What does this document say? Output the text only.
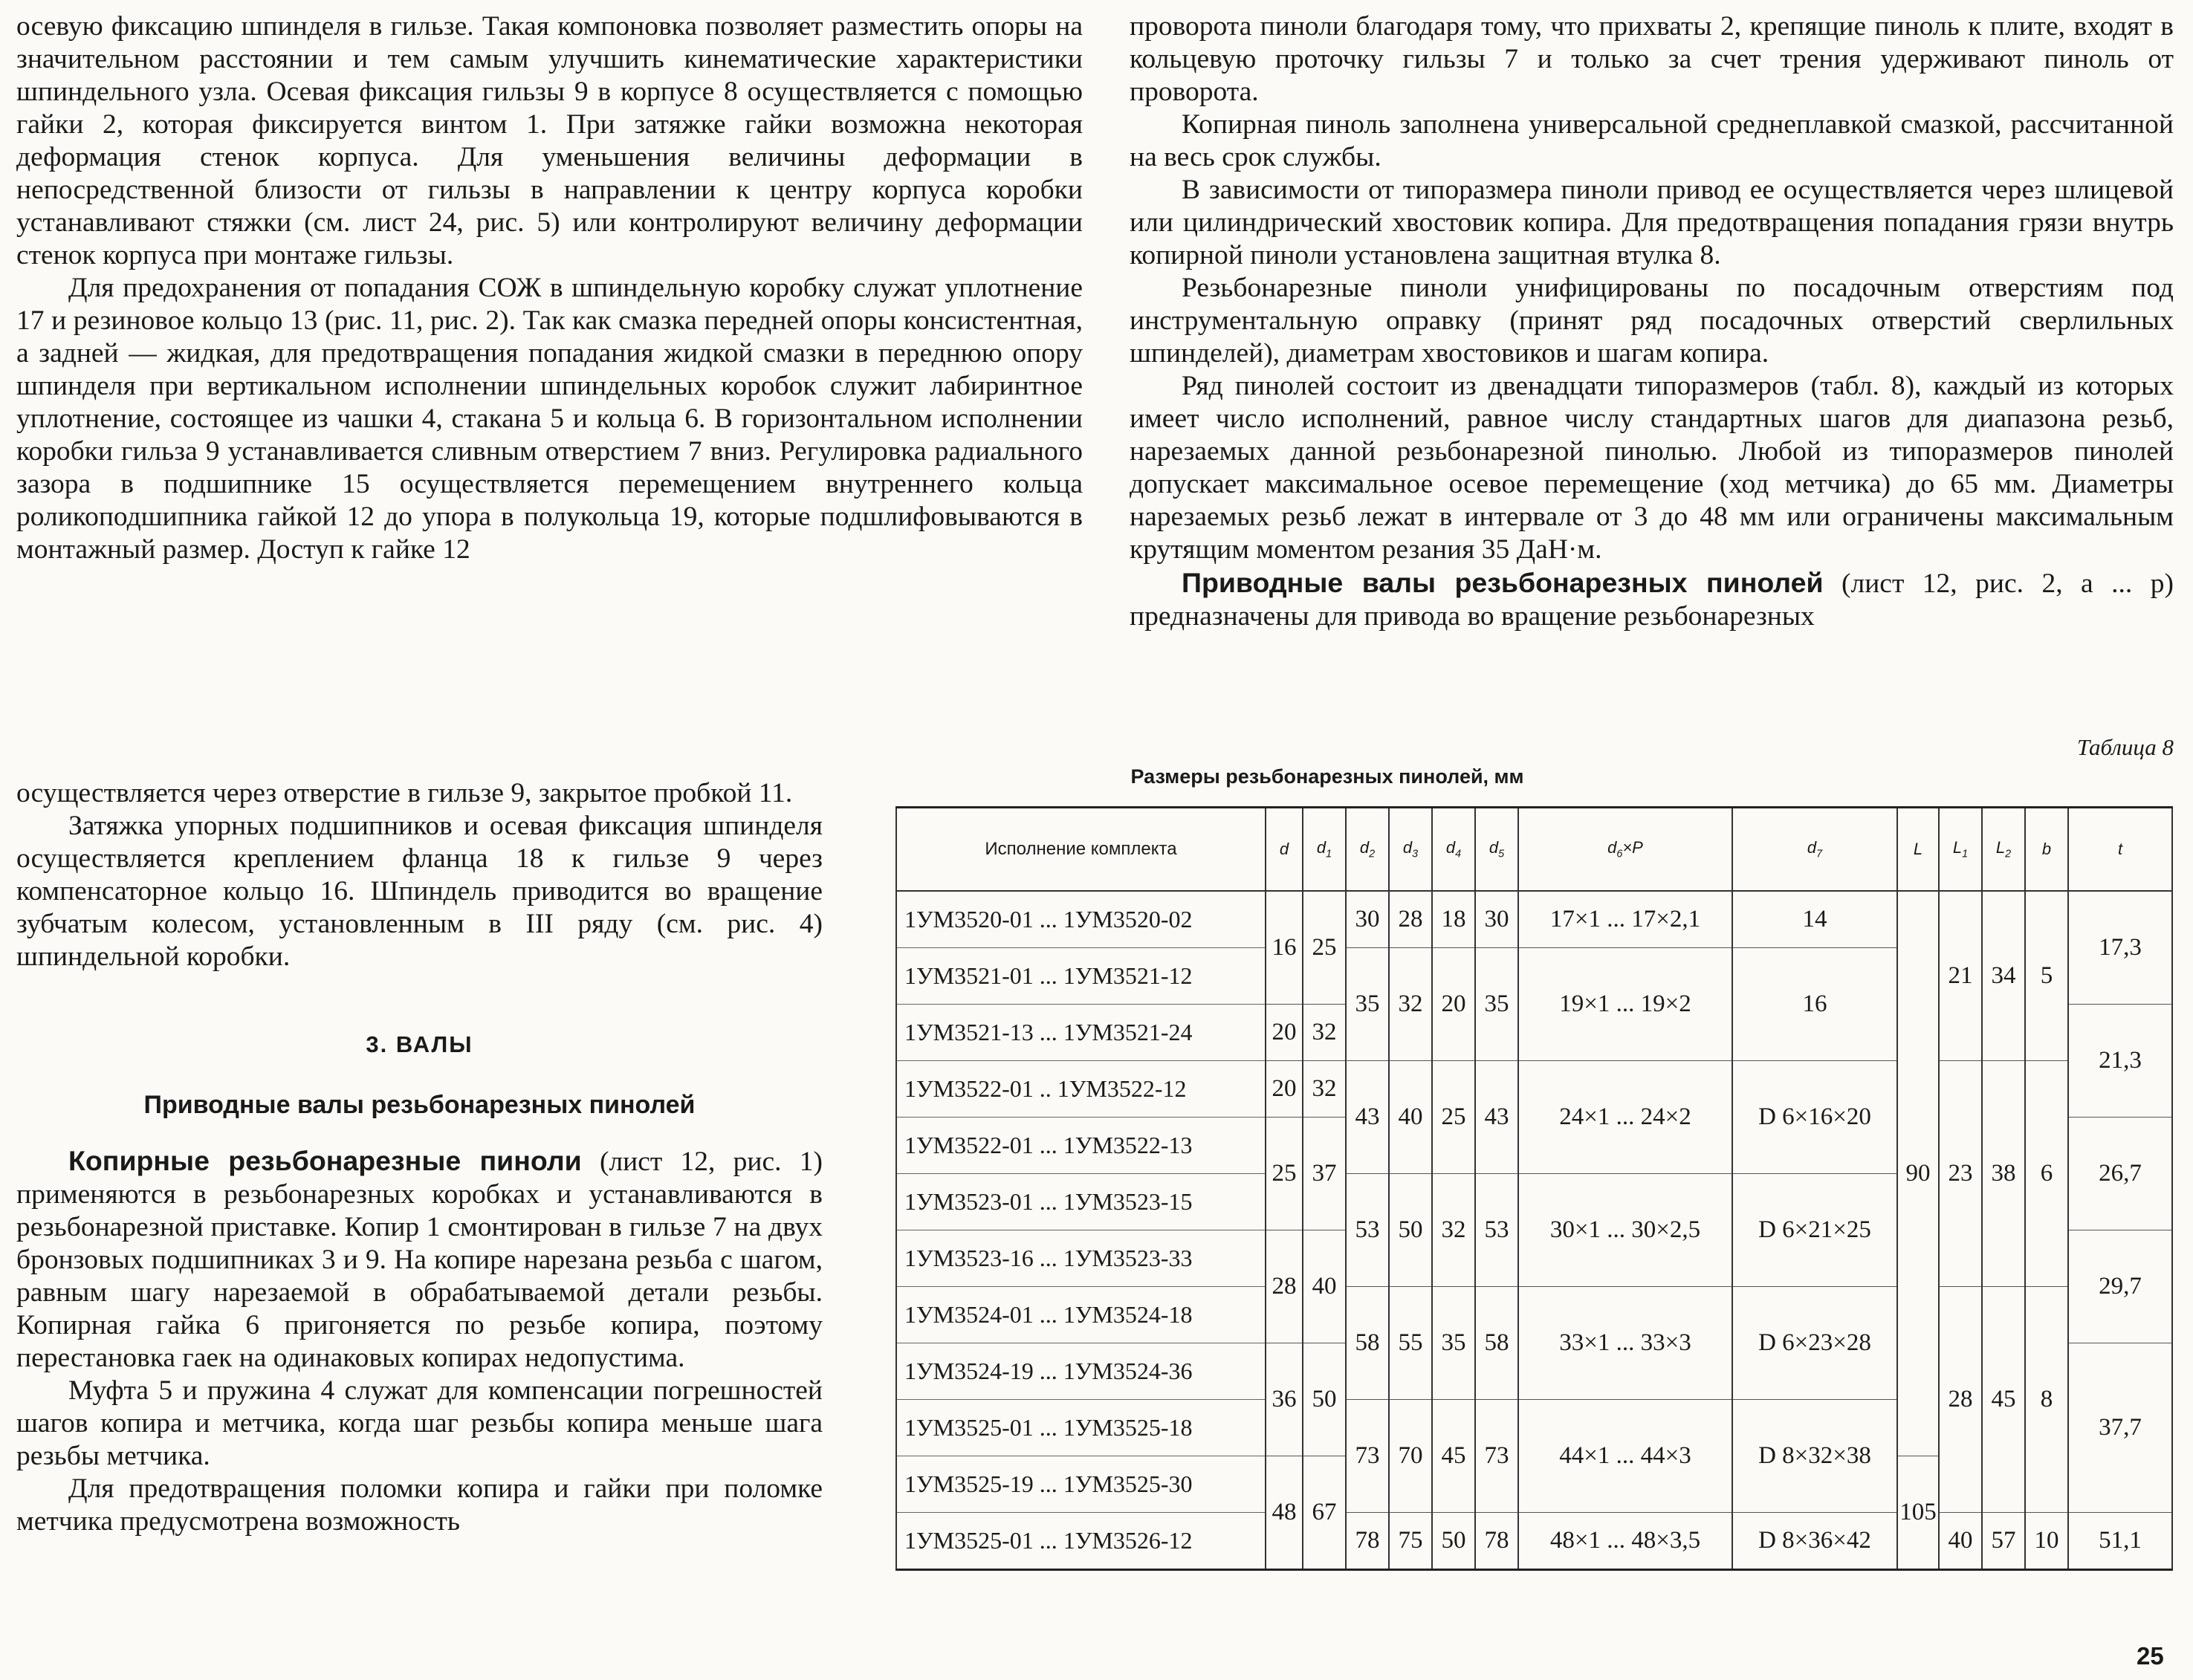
осевую фиксацию шпинделя в гильзе. Такая компоновка позволяет разместить опоры на значительном расстоянии и тем самым улучшить кинематические характеристики шпиндельного узла. Осевая фиксация гильзы 9 в корпусе 8 осуществляется с помощью гайки 2, которая фиксируется винтом 1. При затяжке гайки возможна некоторая деформация стенок корпуса. Для уменьшения величины деформации в непосредственной близости от гильзы в направлении к центру корпуса коробки устанавливают стяжки (см. лист 24, рис. 5) или контролируют величину деформации стенок корпуса при монтаже гильзы.

Для предохранения от попадания СОЖ в шпиндельную коробку служат уплотнение 17 и резиновое кольцо 13 (рис. 11, рис. 2). Так как смазка передней опоры консистентная, а задней — жидкая, для предотвращения попадания жидкой смазки в переднюю опору шпинделя при вертикальном исполнении шпиндельных коробок служит лабиринтное уплотнение, состоящее из чашки 4, стакана 5 и кольца 6. В горизонтальном исполнении коробки гильза 9 устанавливается сливным отверстием 7 вниз. Регулировка радиального зазора в подшипнике 15 осуществляется перемещением внутреннего кольца роликоподшипника гайкой 12 до упора в полукольца 19, которые подшлифовываются в монтажный размер. Доступ к гайке 12

осуществляется через отверстие в гильзе 9, закрытое пробкой 11.

Затяжка упорных подшипников и осевая фиксация шпинделя осуществляется креплением фланца 18 к гильзе 9 через компенсаторное кольцо 16. Шпиндель приводится во вращение зубчатым колесом, установленным в III ряду (см. рис. 4) шпиндельной коробки.

3. ВАЛЫ
Приводные валы резьбонарезных пинолей

Копирные резьбонарезные пиноли (лист 12, рис. 1) применяются в резьбонарезных коробках и устанавливаются в резьбонарезной приставке. Копир 1 смонтирован в гильзе 7 на двух бронзовых подшипниках 3 и 9. На копире нарезана резьба с шагом, равным шагу нарезаемой в обрабатываемой детали резьбы. Копирная гайка 6 пригоняется по резьбе копира, поэтому перестановка гаек на одинаковых копирах недопустима.

Муфта 5 и пружина 4 служат для компенсации погрешностей шагов копира и метчика, когда шаг резьбы копира меньше шага резьбы метчика.

Для предотвращения поломки копира и гайки при поломке метчика предусмотрена возможность

проворота пиноли благодаря тому, что прихваты 2, крепящие пиноль к плите, входят в кольцевую проточку гильзы 7 и только за счет трения удерживают пиноль от проворота.

Копирная пиноль заполнена универсальной среднеплавкой смазкой, рассчитанной на весь срок службы.

В зависимости от типоразмера пиноли привод ее осуществляется через шлицевой или цилиндрический хвостовик копира. Для предотвращения попадания грязи внутрь копирной пиноли установлена защитная втулка 8.

Резьбонарезные пиноли унифицированы по посадочным отверстиям под инструментальную оправку (принят ряд посадочных отверстий сверлильных шпинделей), диаметрам хвостовиков и шагам копира.

Ряд пинолей состоит из двенадцати типоразмеров (табл. 8), каждый из которых имеет число исполнений, равное числу стандартных шагов для диапазона резьб, нарезаемых данной резьбонарезной пинолью. Любой из типоразмеров пинолей допускает максимальное осевое перемещение (ход метчика) до 65 мм. Диаметры нарезаемых резьб лежат в интервале от 3 до 48 мм или ограничены максимальным крутящим моментом резания 35 ДаН·м.

Приводные валы резьбонарезных пинолей (лист 12, рис. 2, а ... р) предназначены для привода во вращение резьбонарезных

Таблица 8
Размеры резьбонарезных пинолей, мм
Исполнение комплекта	d	$d_1$	$d_2$	$d_3$	$d_4$	$d_5$	$d_6\times P$	$d_7$	L	$L_1$	$L_2$	b	t
1УМ3520-01 ... 1УМ3520-02	16	25	30	28	18	30	17×1 ... 17×2,1	14	90	21	34	5	17,3
1УМ3521-01 ... 1УМ3521-12			35	32	20	35	19×1 ... 19×2	16					
1УМ3521-13 ... 1УМ3521-24	20	32											21,3
1УМ3522-01 .. 1УМ3522-12	20	32	43	40	25	43	24×1 ... 24×2	D 6×16×20		23	38	6	
1УМ3522-01 ... 1УМ3522-13	25	37											26,7
1УМ3523-01 ... 1УМ3523-15			53	50	32	53	30×1 ... 30×2,5	D 6×21×25					
1УМ3523-16 ... 1УМ3523-33	28	40											29,7
1УМ3524-01 ... 1УМ3524-18			58	55	35	58	33×1 ... 33×3	D 6×23×28		28	45	8	
1УМ3524-19 ... 1УМ3524-36	36	50											37,7
1УМ3525-01 ... 1УМ3525-18			73	70	45	73	44×1 ... 44×3	D 8×32×38					
1УМ3525-19 ... 1УМ3525-30	48	67							105				
1УМ3525-01 ... 1УМ3526-12			78	75	50	78	48×1 ... 48×3,5	D 8×36×42		40	57	10	51,1
25
